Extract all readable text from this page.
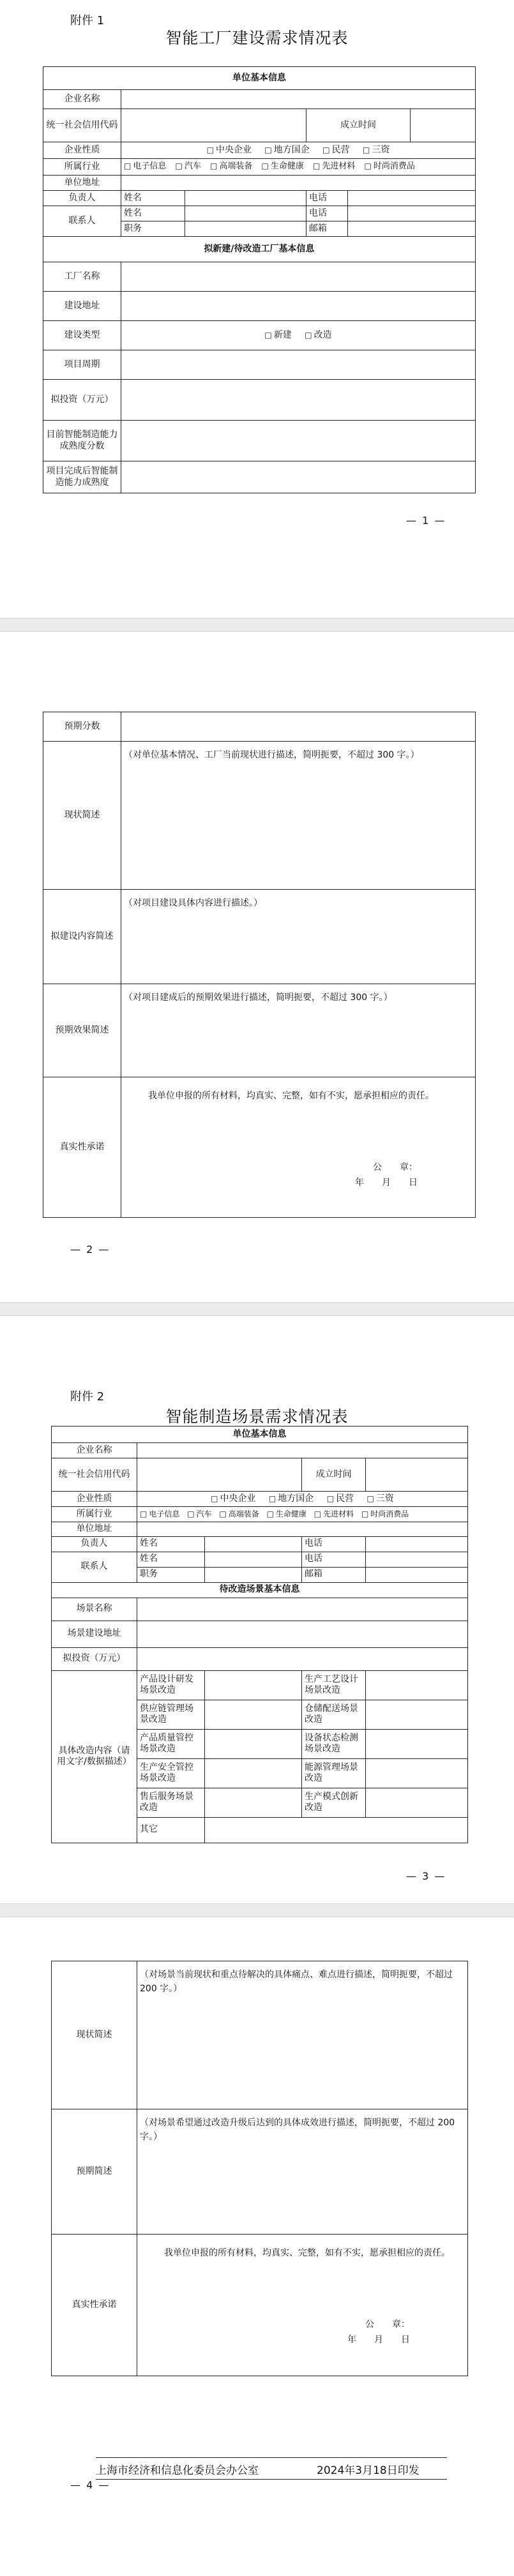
附件 1
智能工厂建设需求情况表
单位基本信息					
企业名称					
统一社会信用代码			成立时间		
企业性质	□ 中央企业 □ 地方国企 □ 民营 □ 三资				
所属行业	□ 电子信息 □ 汽车 □ 高端装备 □ 生命健康 □ 先进材料 □ 时尚消费品				
单位地址					
负责人	姓名		电话		
联系人	姓名		电话		
	职务		邮箱		
拟新建/待改造工厂基本信息					
工厂名称					
建设地址					
建设类型	□ 新建 □ 改造				
项目周期					
拟投资（万元）					
目前智能制造能力成熟度分数					
项目完成后智能制造能力成熟度					
— 1 —
预期分数	
现状简述	（对单位基本情况、工厂当前现状进行描述，简明扼要，不超过 300 字。）
拟建设内容简述	（对项目建设具体内容进行描述。）
预期效果简述	（对项目建成后的预期效果进行描述，简明扼要，不超过 300 字。）
真实性承诺	我单位申报的所有材料，均真实、完整，如有不实，愿承担相应的责任。
公　　章：
年　　月　　日
— 2 —
附件 2
智能制造场景需求情况表
单位基本信息				
企业名称				
统一社会信用代码			成立时间	
企业性质	□ 中央企业 □ 地方国企 □ 民营 □ 三资			
所属行业	□ 电子信息 □ 汽车 □ 高端装备 □ 生命健康 □ 先进材料 □ 时尚消费品			
单位地址				
负责人	姓名		电话	
联系人	姓名		电话	
	职务		邮箱	
待改造场景基本信息				
场景名称				
场景建设地址				
拟投资（万元）				
具体改造内容（请用文字/数据描述）	产品设计研发场景改造		生产工艺设计场景改造	
	供应链管理场景改造		仓储配送场景改造	
	产品质量管控场景改造		设备状态检测场景改造	
	生产安全管控场景改造		能源管理场景改造	
	售后服务场景改造		生产模式创新改造	
	其它			
— 3 —
现状简述	（对场景当前现状和重点待解决的具体痛点、难点进行描述，简明扼要，不超过 200 字。）
预期简述	（对场景希望通过改造升级后达到的具体成效进行描述，简明扼要，不超过 200 字。）
真实性承诺	我单位申报的所有材料，均真实、完整，如有不实，愿承担相应的责任。
公　　章：
年　　月　　日
上海市经济和信息化委员会办公室	2024年3月18日印发
— 4 —
